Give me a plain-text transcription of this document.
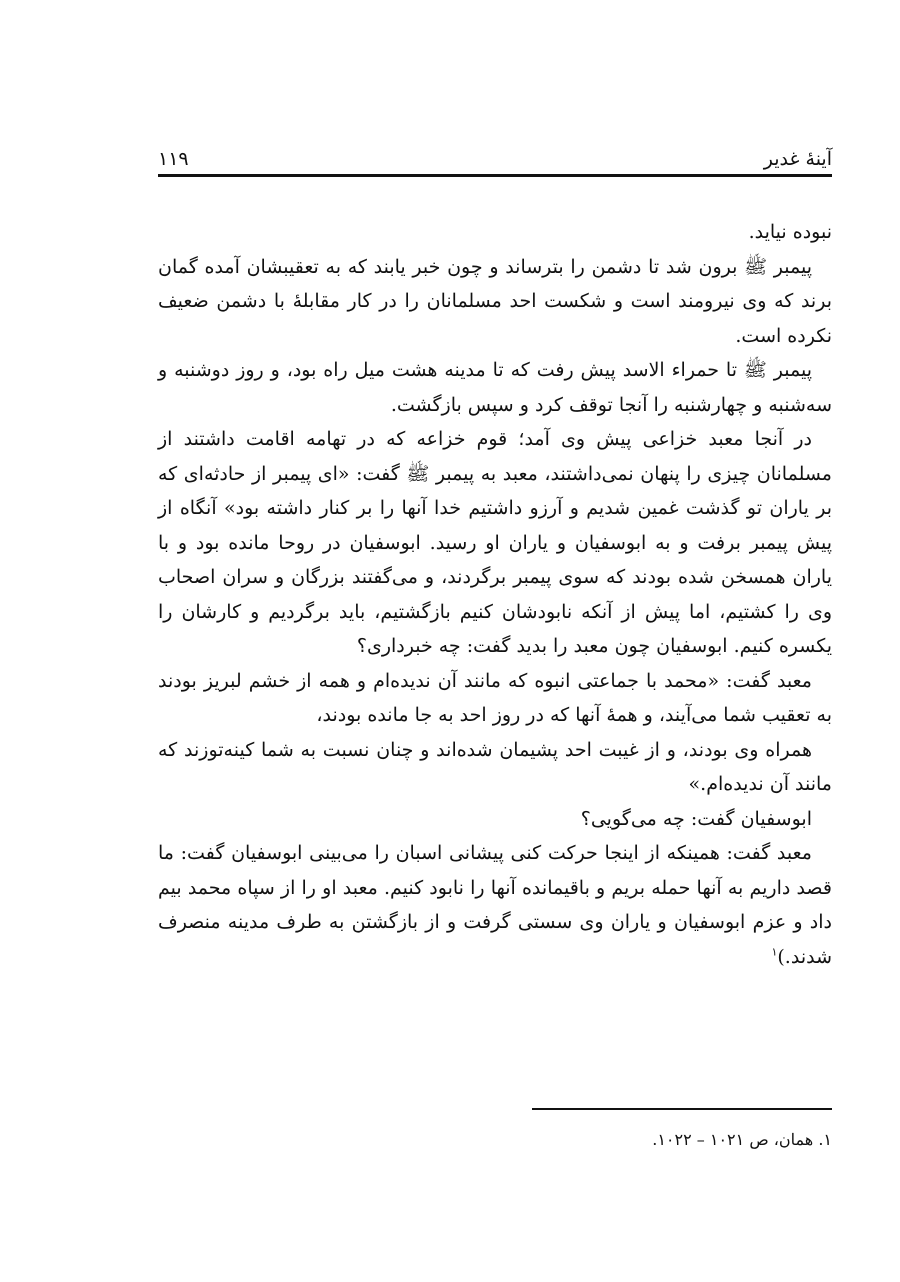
آینهٔ غدیر
۱۱۹

نبوده نیاید.

پیمبر ﷺ برون شد تا دشمن را بترساند و چون خبر یابند که به تعقیبشان آمده گمان برند که وی نیرومند است و شکست احد مسلمانان را در کار مقابلهٔ با دشمن ضعیف نکرده است.

پیمبر ﷺ تا حمراء الاسد پیش رفت که تا مدینه هشت میل راه بود، و روز دوشنبه و سه‌شنبه و چهارشنبه را آنجا توقف کرد و سپس بازگشت.

در آنجا معبد خزاعی پیش وی آمد؛ قوم خزاعه که در تهامه اقامت داشتند از مسلمانان چیزی را پنهان نمی‌داشتند، معبد به پیمبر ﷺ گفت: «ای پیمبر از حادثه‌ای که بر یاران تو گذشت غمین شدیم و آرزو داشتیم خدا آنها را بر کنار داشته بود» آنگاه از پیش پیمبر برفت و به ابوسفیان و یاران او رسید. ابوسفیان در روحا مانده بود و با یاران همسخن شده بودند که سوی پیمبر برگردند، و می‌گفتند بزرگان و سران اصحاب وی را کشتیم، اما پیش از آنکه نابودشان کنیم بازگشتیم، باید برگردیم و کارشان را یکسره کنیم. ابوسفیان چون معبد را بدید گفت: چه خبرداری؟

معبد گفت: «محمد با جماعتی انبوه که مانند آن ندیده‌ام و همه از خشم لبریز بودند به تعقیب شما می‌آیند، و همهٔ آنها که در روز احد به جا مانده بودند،

همراه وی بودند، و از غیبت احد پشیمان شده‌اند و چنان نسبت به شما کینه‌توزند که مانند آن ندیده‌ام.»

ابوسفیان گفت: چه می‌گویی؟

معبد گفت: همینکه از اینجا حرکت کنی پیشانی اسبان را می‌بینی ابوسفیان گفت: ما قصد داریم به آنها حمله بریم و باقیمانده آنها را نابود کنیم. معبد او را از سپاه محمد بیم داد و عزم ابوسفیان و یاران وی سستی گرفت و از بازگشتن به طرف مدینه منصرف شدند.)$^۱$

۱. همان، ص ۱۰۲۱ – ۱۰۲۲.
